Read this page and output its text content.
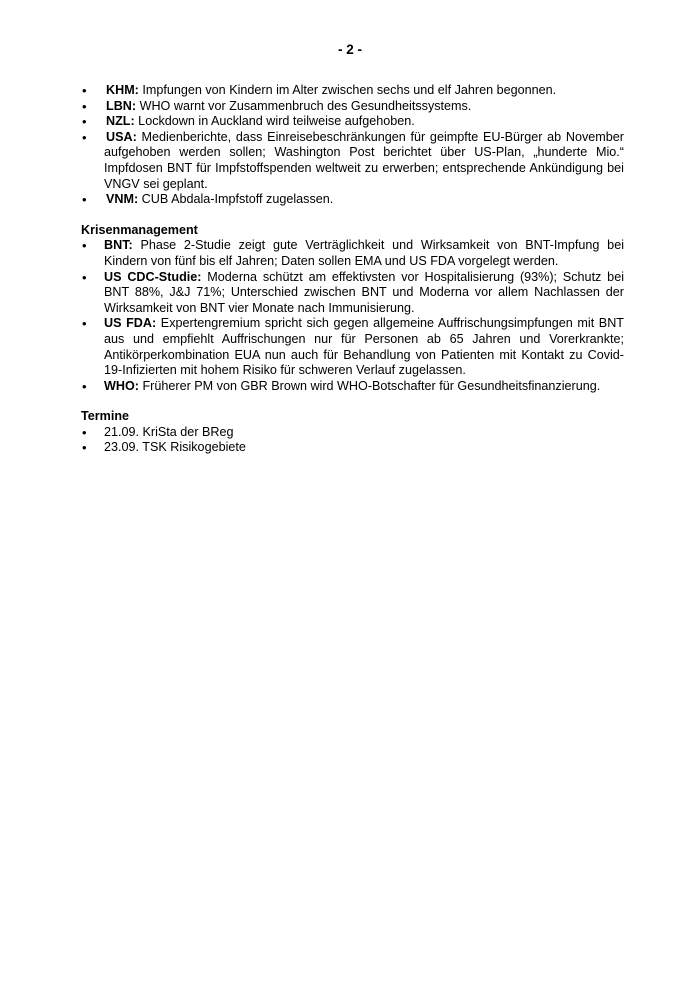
- 2 -
• KHM: Impfungen von Kindern im Alter zwischen sechs und elf Jahren begonnen.
• LBN: WHO warnt vor Zusammenbruch des Gesundheitssystems.
• NZL: Lockdown in Auckland wird teilweise aufgehoben.
• USA: Medienberichte, dass Einreisebeschränkungen für geimpfte EU-Bürger ab November aufgehoben werden sollen; Washington Post berichtet über US-Plan, „hunderte Mio.“ Impfdosen BNT für Impfstoffspenden weltweit zu erwerben; entsprechende Ankündigung bei VNGV sei geplant.
• VNM: CUB Abdala-Impfstoff zugelassen.
Krisenmanagement
• BNT: Phase 2-Studie zeigt gute Verträglichkeit und Wirksamkeit von BNT-Impfung bei Kindern von fünf bis elf Jahren; Daten sollen EMA und US FDA vorgelegt werden.
• US CDC-Studie: Moderna schützt am effektivsten vor Hospitalisierung (93%); Schutz bei BNT 88%, J&J 71%; Unterschied zwischen BNT und Moderna vor allem Nachlassen der Wirksamkeit von BNT vier Monate nach Immunisierung.
• US FDA: Expertengremium spricht sich gegen allgemeine Auffrischungsimpfungen mit BNT aus und empfiehlt Auffrischungen nur für Personen ab 65 Jahren und Vorerkrankte; Antikörperkombination EUA nun auch für Behandlung von Patienten mit Kontakt zu Covid-19-Infizierten mit hohem Risiko für schweren Verlauf zugelassen.
• WHO: Früherer PM von GBR Brown wird WHO-Botschafter für Gesundheitsfinanzierung.
Termine
• 21.09. KriSta der BReg
• 23.09. TSK Risikogebiete
